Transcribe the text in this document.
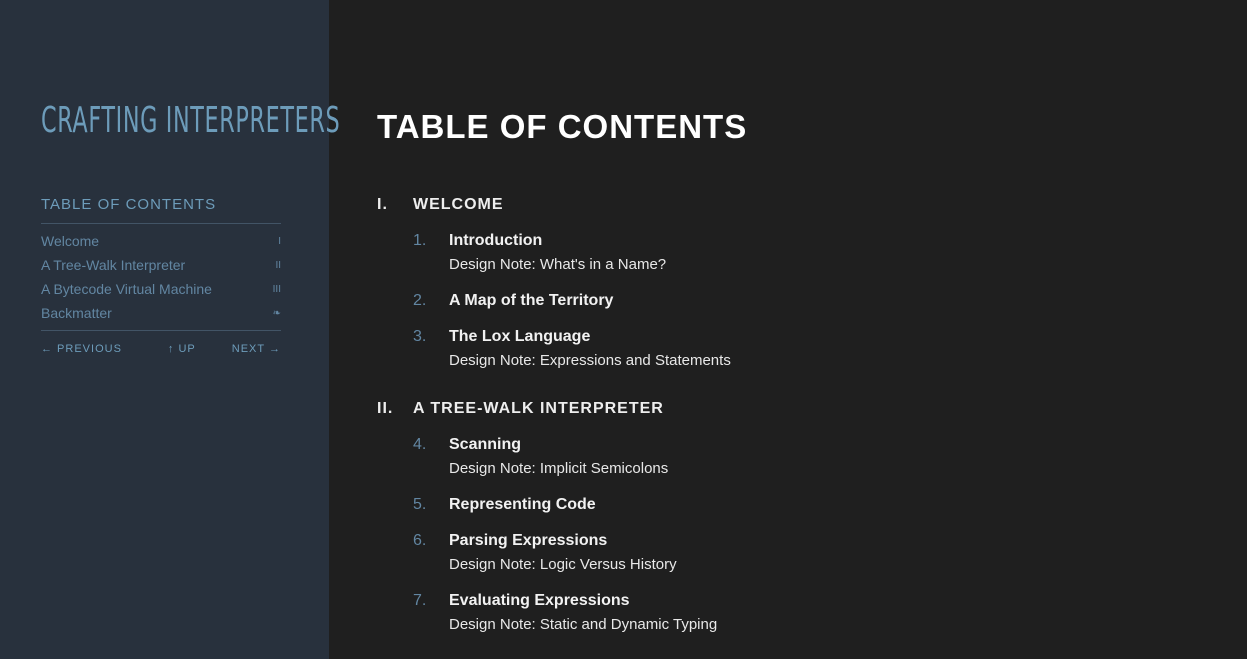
CRAFTING INTERPRETERS
TABLE OF CONTENTS
Welcome	I
A Tree-Walk Interpreter	II
A Bytecode Virtual Machine	III
Backmatter	❧
← PREVIOUS	↑ UP	NEXT →
TABLE OF CONTENTS
I.	WELCOME
1.	Introduction
Design Note: What's in a Name?
2.	A Map of the Territory
3.	The Lox Language
Design Note: Expressions and Statements
II.	A TREE-WALK INTERPRETER
4.	Scanning
Design Note: Implicit Semicolons
5.	Representing Code
6.	Parsing Expressions
Design Note: Logic Versus History
7.	Evaluating Expressions
Design Note: Static and Dynamic Typing
